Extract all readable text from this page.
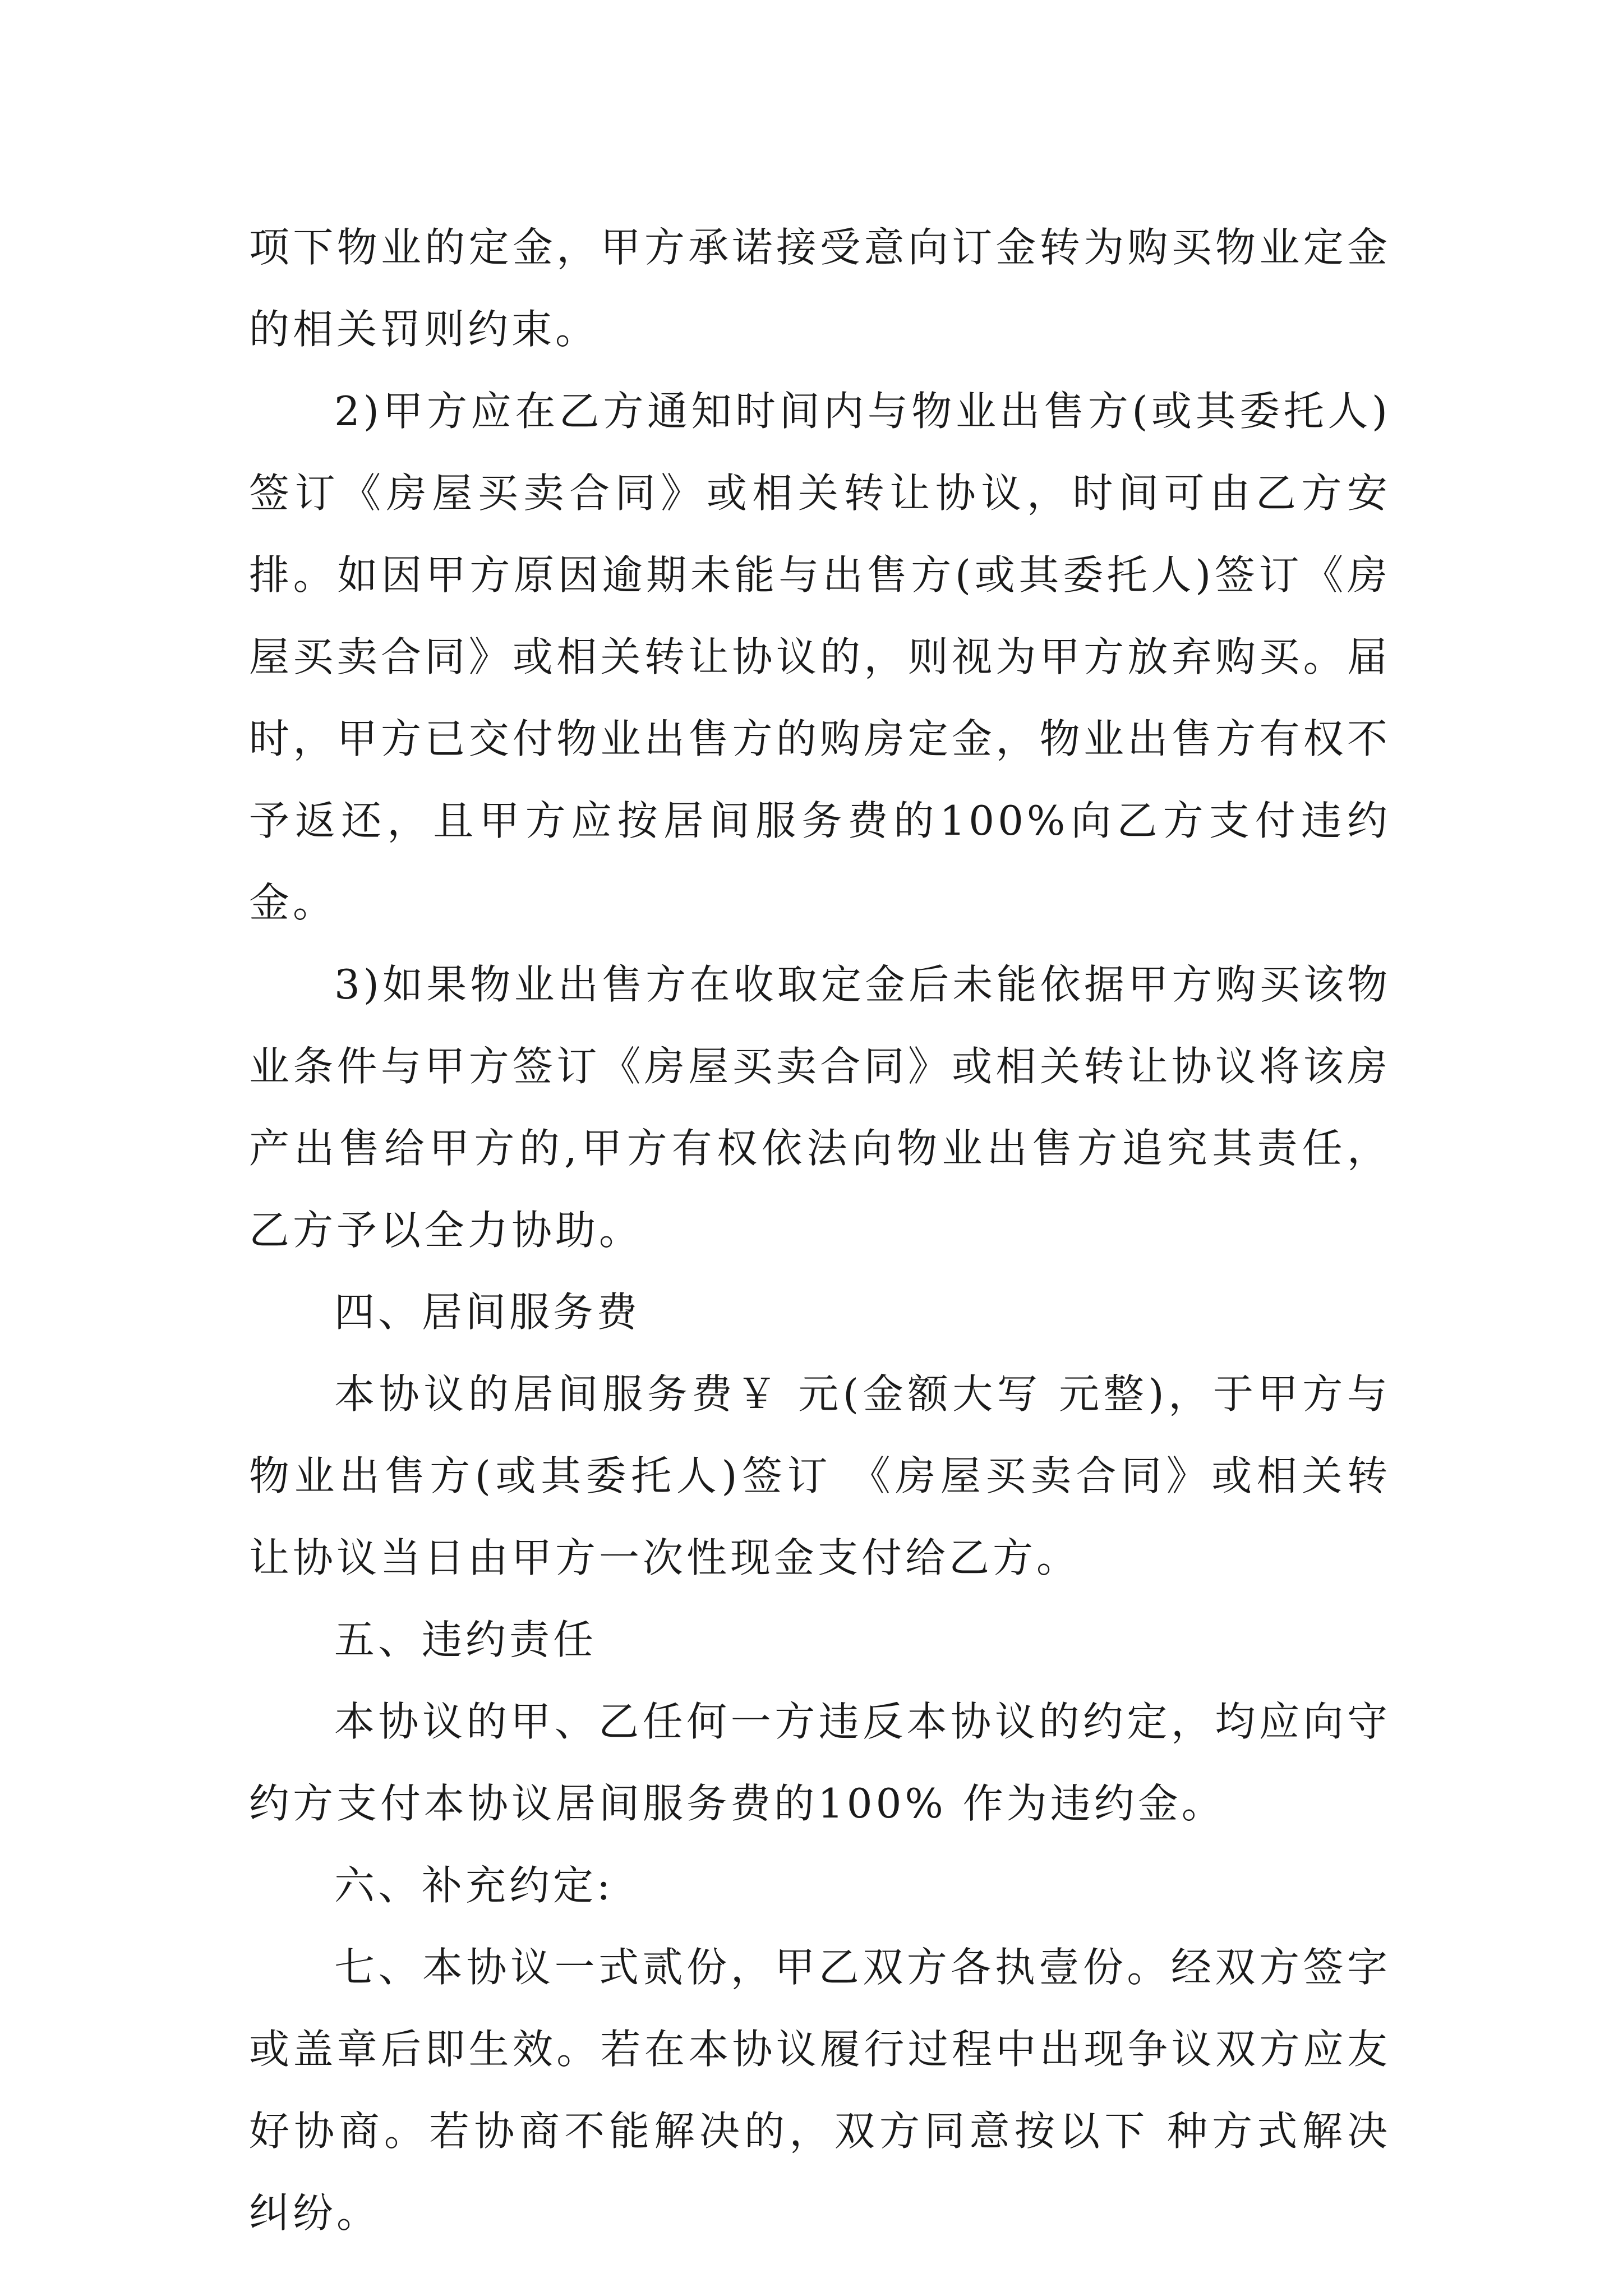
项下物业的定金，甲方承诺接受意向订金转为购买物业定金的相关罚则约束。

2)甲方应在乙方通知时间内与物业出售方(或其委托人)签订《房屋买卖合同》或相关转让协议，时间可由乙方安排。如因甲方原因逾期未能与出售方(或其委托人)签订《房屋买卖合同》或相关转让协议的，则视为甲方放弃购买。届时，甲方已交付物业出售方的购房定金，物业出售方有权不予返还，且甲方应按居间服务费的100%向乙方支付违约金。

3)如果物业出售方在收取定金后未能依据甲方购买该物业条件与甲方签订《房屋买卖合同》或相关转让协议将该房产出售给甲方的,甲方有权依法向物业出售方追究其责任，乙方予以全力协助。

四、居间服务费

本协议的居间服务费￥ 元(金额大写 元整)，于甲方与物业出售方(或其委托人)签订 《房屋买卖合同》或相关转让协议当日由甲方一次性现金支付给乙方。

五、违约责任

本协议的甲、乙任何一方违反本协议的约定，均应向守约方支付本协议居间服务费的100% 作为违约金。

六、补充约定:

七、本协议一式贰份，甲乙双方各执壹份。经双方签字或盖章后即生效。若在本协议履行过程中出现争议双方应友好协商。若协商不能解决的，双方同意按以下 种方式解决纠纷。
